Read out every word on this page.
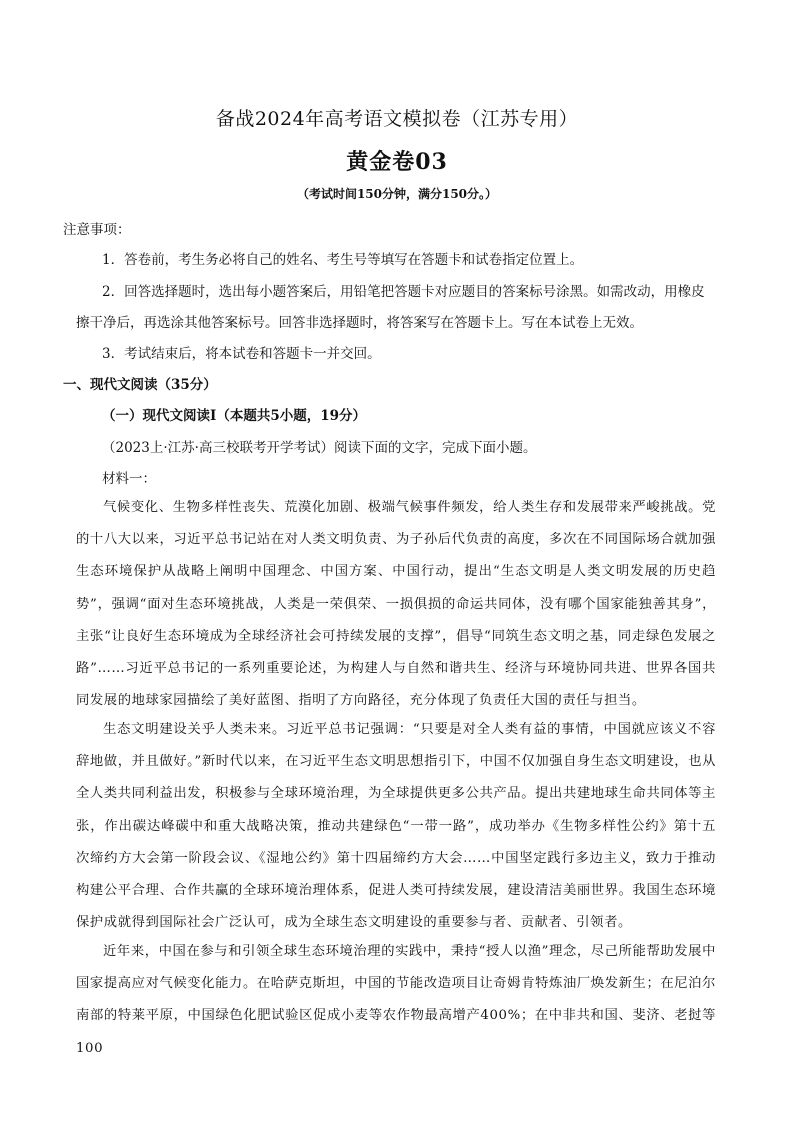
备战2024年高考语文模拟卷（江苏专用）
黄金卷03
（考试时间150分钟，满分150分。）
注意事项：
1．答卷前，考生务必将自己的姓名、考生号等填写在答题卡和试卷指定位置上。
2．回答选择题时，选出每小题答案后，用铅笔把答题卡对应题目的答案标号涂黑。如需改动，用橡皮
擦干净后，再选涂其他答案标号。回答非选择题时，将答案写在答题卡上。写在本试卷上无效。
3．考试结束后，将本试卷和答题卡一并交回。
一、现代文阅读（35分）
（一）现代文阅读Ⅰ（本题共5小题，19分）
（2023上·江苏·高三校联考开学考试）阅读下面的文字，完成下面小题。
材料一：
气候变化、生物多样性丧失、荒漠化加剧、极端气候事件频发，给人类生存和发展带来严峻挑战。党的十八大以来，习近平总书记站在对人类文明负责、为子孙后代负责的高度，多次在不同国际场合就加强生态环境保护从战略上阐明中国理念、中国方案、中国行动，提出“生态文明是人类文明发展的历史趋势”，强调“面对生态环境挑战，人类是一荣俱荣、一损俱损的命运共同体，没有哪个国家能独善其身”，主张“让良好生态环境成为全球经济社会可持续发展的支撑”，倡导“同筑生态文明之基，同走绿色发展之路”……习近平总书记的一系列重要论述，为构建人与自然和谐共生、经济与环境协同共进、世界各国共同发展的地球家园描绘了美好蓝图、指明了方向路径，充分体现了负责任大国的责任与担当。
生态文明建设关乎人类未来。习近平总书记强调：“只要是对全人类有益的事情，中国就应该义不容辞地做，并且做好。”新时代以来，在习近平生态文明思想指引下，中国不仅加强自身生态文明建设，也从全人类共同利益出发，积极参与全球环境治理，为全球提供更多公共产品。提出共建地球生命共同体等主张，作出碳达峰碳中和重大战略决策，推动共建绿色“一带一路”，成功举办《生物多样性公约》第十五次缔约方大会第一阶段会议、《湿地公约》第十四届缔约方大会……中国坚定践行多边主义，致力于推动构建公平合理、合作共赢的全球环境治理体系，促进人类可持续发展，建设清洁美丽世界。我国生态环境保护成就得到国际社会广泛认可，成为全球生态文明建设的重要参与者、贡献者、引领者。
近年来，中国在参与和引领全球生态环境治理的实践中，秉持“授人以渔”理念，尽己所能帮助发展中国家提高应对气候变化能力。在哈萨克斯坦，中国的节能改造项目让奇姆肯特炼油厂焕发新生；在尼泊尔南部的特莱平原，中国绿色化肥试验区促成小麦等农作物最高增产400%；在中非共和国、斐济、老挝等100
